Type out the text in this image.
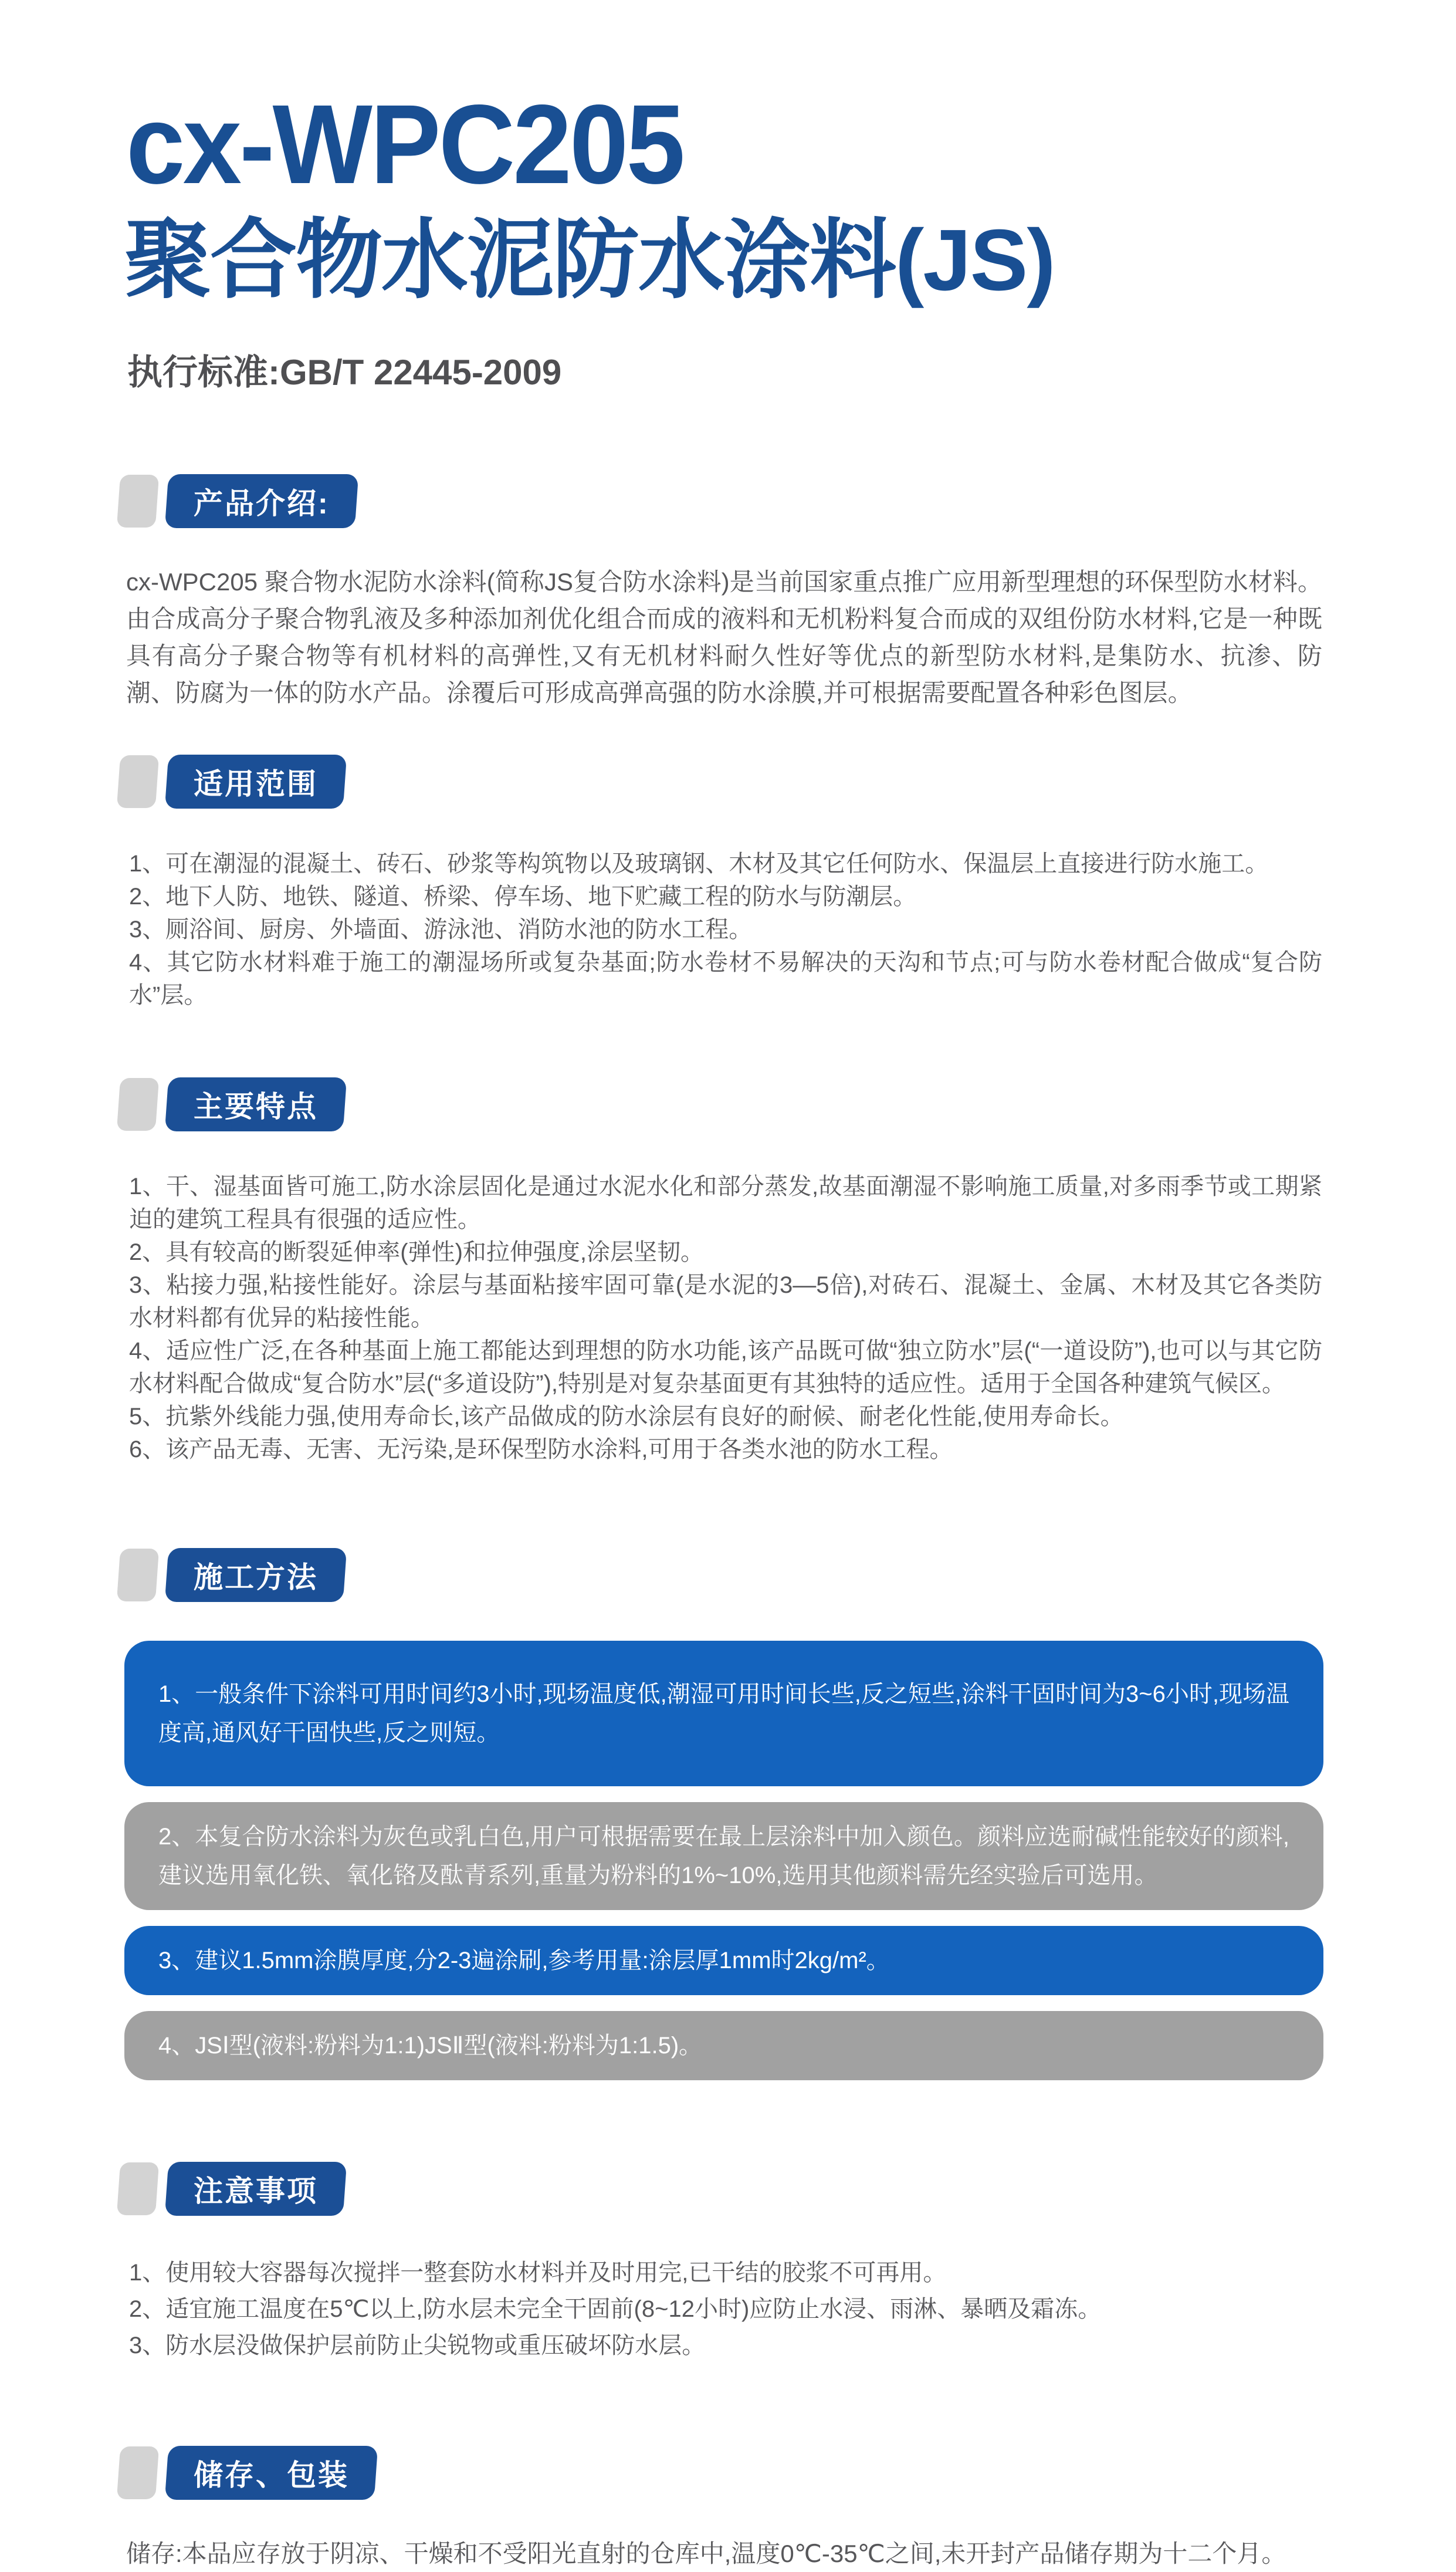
cx-WPC205
聚合物水泥防水涂料(JS)
执行标准:GB/T 22445-2009
产品介绍:

cx-WPC205 聚合物水泥防水涂料(简称JS复合防水涂料)是当前国家重点推广应用新型理想的环保型防水材料。由合成高分子聚合物乳液及多种添加剂优化组合而成的液料和无机粉料复合而成的双组份防水材料,它是一种既具有高分子聚合物等有机材料的高弹性,又有无机材料耐久性好等优点的新型防水材料,是集防水、抗渗、防潮、防腐为一体的防水产品。涂覆后可形成高弹高强的防水涂膜,并可根据需要配置各种彩色图层。

适用范围
1、可在潮湿的混凝土、砖石、砂浆等构筑物以及玻璃钢、木材及其它任何防水、保温层上直接进行防水施工。
2、地下人防、地铁、隧道、桥梁、停车场、地下贮藏工程的防水与防潮层。
3、厕浴间、厨房、外墙面、游泳池、消防水池的防水工程。
4、其它防水材料难于施工的潮湿场所或复杂基面;防水卷材不易解决的天沟和节点;可与防水卷材配合做成“复合防水”层。
主要特点
1、干、湿基面皆可施工,防水涂层固化是通过水泥水化和部分蒸发,故基面潮湿不影响施工质量,对多雨季节或工期紧迫的建筑工程具有很强的适应性。
2、具有较高的断裂延伸率(弹性)和拉伸强度,涂层坚韧。
3、粘接力强,粘接性能好。涂层与基面粘接牢固可靠(是水泥的3—5倍),对砖石、混凝土、金属、木材及其它各类防水材料都有优异的粘接性能。
4、适应性广泛,在各种基面上施工都能达到理想的防水功能,该产品既可做“独立防水”层(“一道设防”),也可以与其它防水材料配合做成“复合防水”层(“多道设防”),特别是对复杂基面更有其独特的适应性。适用于全国各种建筑气候区。
5、抗紫外线能力强,使用寿命长,该产品做成的防水涂层有良好的耐候、耐老化性能,使用寿命长。
6、该产品无毒、无害、无污染,是环保型防水涂料,可用于各类水池的防水工程。
施工方法
1、一般条件下涂料可用时间约3小时,现场温度低,潮湿可用时间长些,反之短些,涂料干固时间为3~6小时,现场温度高,通风好干固快些,反之则短。
2、本复合防水涂料为灰色或乳白色,用户可根据需要在最上层涂料中加入颜色。颜料应选耐碱性能较好的颜料,建议选用氧化铁、氧化铬及酞青系列,重量为粉料的1%~10%,选用其他颜料需先经实验后可选用。
3、建议1.5mm涂膜厚度,分2-3遍涂刷,参考用量:涂层厚1mm时2kg/m²。
4、JSⅠ型(液料:粉料为1:1)JSⅡ型(液料:粉料为1:1.5)。
注意事项
1、使用较大容器每次搅拌一整套防水材料并及时用完,已干结的胶浆不可再用。
2、适宜施工温度在5℃以上,防水层未完全干固前(8~12小时)应防止水浸、雨淋、暴晒及霜冻。
3、防水层没做保护层前防止尖锐物或重压破坏防水层。
储存、包装

储存:本品应存放于阴凉、干燥和不受阳光直射的仓库中,温度0℃-35℃之间,未开封产品储存期为十二个月。
